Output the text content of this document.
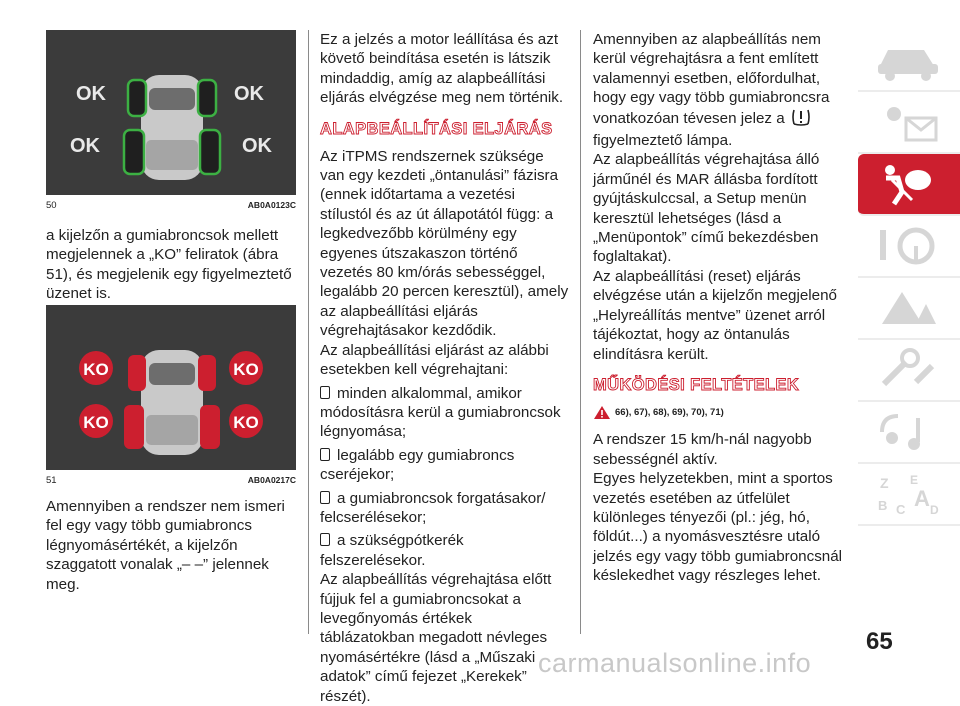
OK	OK
OK	OK
50	AB0A0123C

a kijelzőn a gumiabroncsok mellett megjelennek a „KO” feliratok (ábra 51), és megjelenik egy figyelmeztető üzenet is.

KO	KO
KO	KO
51	AB0A0217C

Amennyiben a rendszer nem ismeri fel egy vagy több gumiabroncs légnyomásértékét, a kijelzőn szaggatott vonalak „– –” jelennek meg.

Ez a jelzés a motor leállítása és azt követő beindítása esetén is látszik mindaddig, amíg az alapbeállítási eljárás elvégzése meg nem történik.

ALAPBEÁLLÍTÁSI ELJÁRÁS

Az iTPMS rendszernek szüksége van egy kezdeti „öntanulási” fázisra (ennek időtartama a vezetési stílustól és az út állapotától függ: a legkedvezőbb körülmény egy egyenes útszakaszon történő vezetés 80 km/órás sebességgel, legalább 20 percen keresztül), amely az alapbeállítási eljárás végrehajtásakor kezdődik.

Az alapbeállítási eljárást az alábbi esetekben kell végrehajtani:

minden alkalommal, amikor módosításra kerül a gumiabroncsok légnyomása;

legalább egy gumiabroncs cseréjekor;

a gumiabroncsok forgatásakor/ felcserélésekor;

a szükségpótkerék felszerelésekor.

Az alapbeállítás végrehajtása előtt fújjuk fel a gumiabroncsokat a levegőnyomás értékek táblázatokban megadott névleges nyomásértékre (lásd a „Műszaki adatok” című fejezet „Kerekek” részét).

Amennyiben az alapbeállítás nem kerül végrehajtásra a fent említett valamennyi esetben, előfordulhat, hogy egy vagy több gumiabroncsra vonatkozóan tévesen jelez a  figyelmeztető lámpa.

Az alapbeállítás végrehajtása álló járműnél és MAR állásba fordított gyújtáskulccsal, a Setup menün keresztül lehetséges (lásd a „Menüpontok” című bekezdésben foglaltakat).

Az alapbeállítási (reset) eljárás elvégzése után a kijelzőn megjelenő „Helyreállítás mentve” üzenet arról tájékoztat, hogy az öntanulás elindításra került.

MŰKÖDÉSI FELTÉTELEK
66), 67), 68), 69), 70), 71)

A rendszer 15 km/h-nál nagyobb sebességnél aktív.

Egyes helyzetekben, mint a sportos vezetés esetében az útfelület különleges tényezői (pl.: jég, hó, földút...) a nyomásvesztésre utaló jelzés egy vagy több gumiabroncsnál késlekedhet vagy részleges lehet.

Z E
B C A D
65
carmanualsonline.info
